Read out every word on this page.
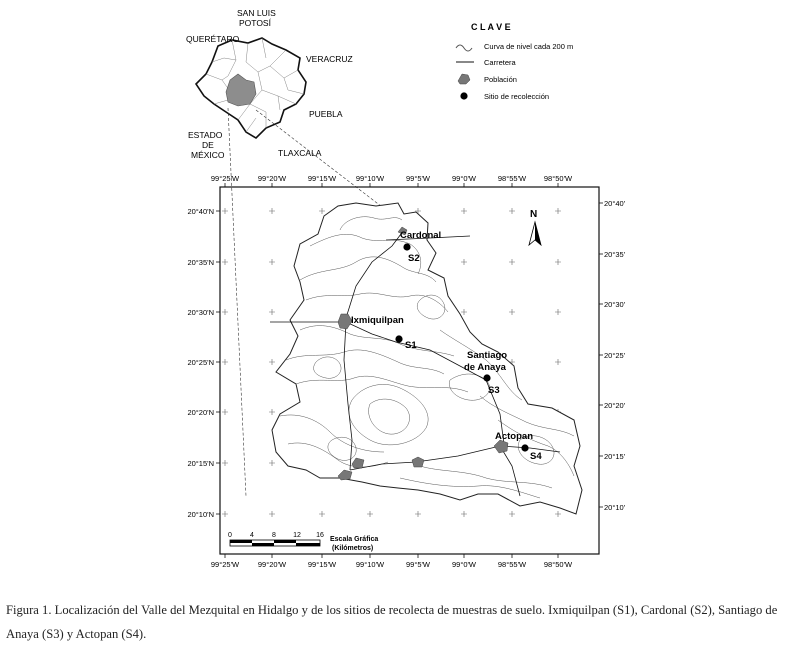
SAN LUIS
POTOSÍ
QUERÉTARO
VERACRUZ
PUEBLA
ESTADO
DE
MÉXICO	TLAXCALA
C L A V E
Curva de nivel cada 200 m
Carretera
Población
Sitio de recolección
Cardonal
S2
Ixmiquilpan
S1
Santiago
de Anaya
S3
Actopan
S4
N
0	4	8 12 16
Escala Gráfica
(Kilómetros)
99°25'W	99°20'W	99°15'W	99°10'W	99°5'W	99°0'W	98°55'W 98°50'W
99°25'W	99°20'W	99°15'W	99°10'W	99°5'W	99°0'W	98°55'W 98°50'W
20°40'N
20°35'N
20°30'N
20°25'N
20°20'N
20°15'N
20°10'N
20°40'
20°35'
20°30'
20°25'
20°20'
20°15'
20°10'
Figura 1. Localización del Valle del Mezquital en Hidalgo y de los sitios de recolecta de muestras de suelo. Ixmiquilpan (S1), Cardonal (S2), Santiago de Anaya (S3) y Actopan (S4).
